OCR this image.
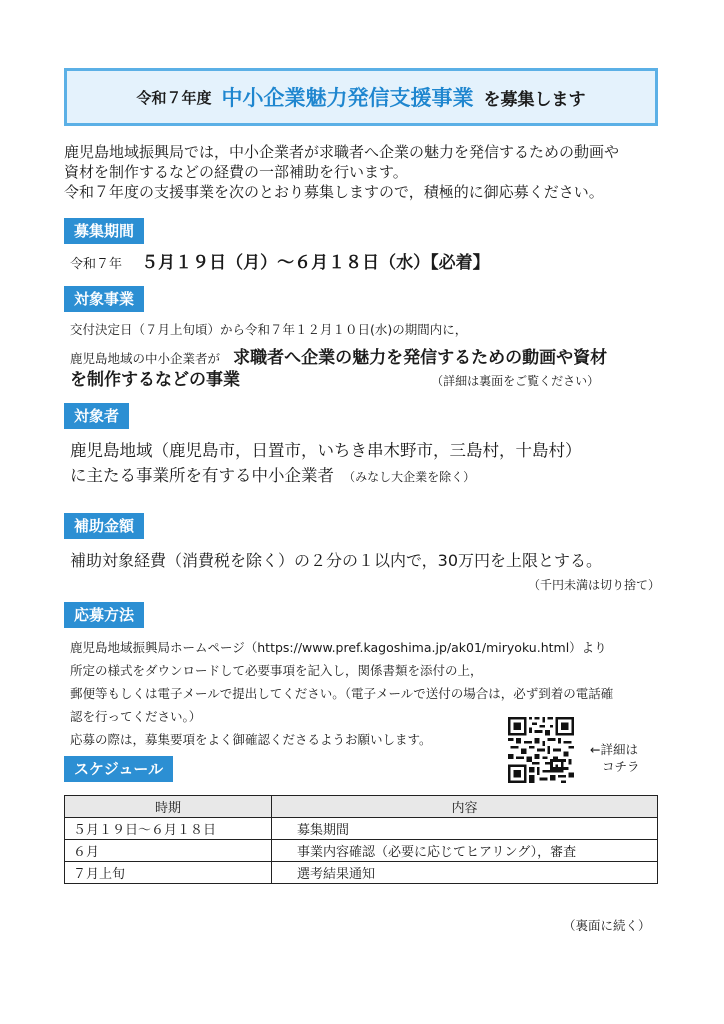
令和７年度 中小企業魅力発信支援事業 を募集します

鹿児島地域振興局では，中小企業者が求職者へ企業の魅力を発信するための動画や

資材を制作するなどの経費の一部補助を行います。

令和７年度の支援事業を次のとおり募集しますので，積極的に御応募ください。

募集期間
令和７年 ５月１９日（月）～６月１８日（水）【必着】
対象事業
交付決定日（７月上旬頃）から令和７年１２月１０日(水)の期間内に，
鹿児島地域の中小企業者が 求職者へ企業の魅力を発信するための動画や資材
を制作するなどの事業	（詳細は裏面をご覧ください）
対象者
鹿児島地域（鹿児島市，日置市，いちき串木野市，三島村，十島村）
に主たる事業所を有する中小企業者 （みなし大企業を除く）
補助金額
補助対象経費（消費税を除く）の２分の１以内で，30万円を上限とする。
（千円未満は切り捨て）
応募方法
鹿児島地域振興局ホームページ（https://www.pref.kagoshima.jp/ak01/miryoku.html）より
所定の様式をダウンロードして必要事項を記入し，関係書類を添付の上，
郵便等もしくは電子メールで提出してください。（電子メールで送付の場合は，必ず到着の電話確
認を行ってください。）
応募の際は，募集要項をよく御確認くださるようお願いします。
←詳細は
コチラ
スケジュール
時期	内容
５月１９日～６月１８日	募集期間
６月	事業内容確認（必要に応じてヒアリング），審査
７月上旬	選考結果通知
（裏面に続く）
